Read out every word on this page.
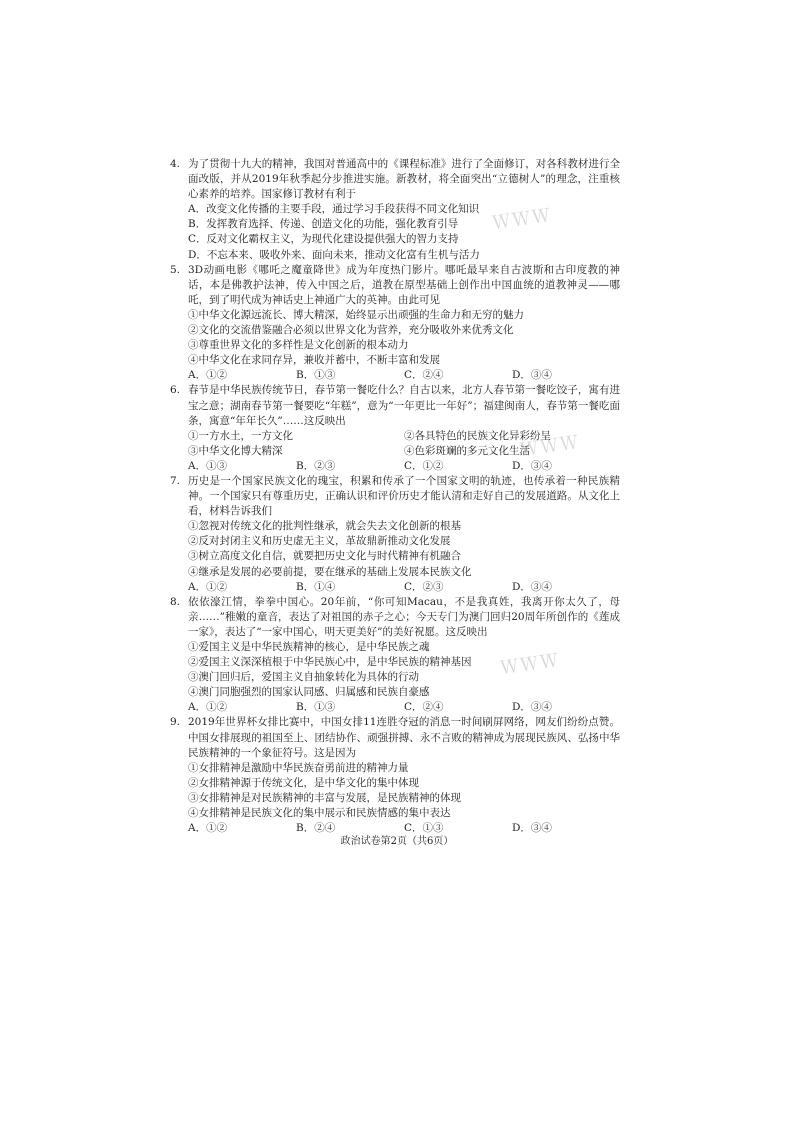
ＷＷＷ
ＷＷＷ
ＷＷＷ
4. 为了贯彻十九大的精神，我国对普通高中的《课程标准》进行了全面修订，对各科教材进行全面改版，并从2019年秋季起分步推进实施。新教材，将全面突出“立德树人”的理念，注重核心素养的培养。国家修订教材有利于

A．改变文化传播的主要手段，通过学习手段获得不同文化知识

B．发挥教育选择、传递、创造文化的功能，强化教育引导

C．反对文化霸权主义，为现代化建设提供强大的智力支持

D．不忘本来、吸收外来、面向未来，推动文化富有生机与活力

5. 3D动画电影《哪吒之魔童降世》成为年度热门影片。哪吒最早来自古波斯和古印度教的神话，本是佛教护法神，传入中国之后，道教在原型基础上创作出中国血统的道教神灵——哪吒，到了明代成为神话史上神通广大的英神。由此可见

①中华文化源远流长、博大精深，始终显示出顽强的生命力和无穷的魅力

②文化的交流借鉴融合必须以世界文化为营养，充分吸收外来优秀文化

③尊重世界文化的多样性是文化创新的根本动力

④中华文化在求同存异，兼收并蓄中，不断丰富和发展

A．①②	B．①③	C．②④	D．③④
6. 春节是中华民族传统节日，春节第一餐吃什么？自古以来，北方人春节第一餐吃饺子，寓有进宝之意；湖南春节第一餐要吃“年糕”，意为“一年更比一年好”；福建闽南人，春节第一餐吃面条，寓意“年年长久”……这反映出

①一方水土，一方文化	②各具特色的民族文化异彩纷呈
③中华文化博大精深	④色彩斑斓的多元文化生活
A．①③	B．②③	C．①②	D．③④
7. 历史是一个国家民族文化的瑰宝，积累和传承了一个国家文明的轨迹，也传承着一种民族精神。一个国家只有尊重历史，正确认识和评价历史才能认清和走好自己的发展道路。从文化上看，材料告诉我们

①忽视对传统文化的批判性继承，就会失去文化创新的根基

②反对封闭主义和历史虚无主义，革故鼎新推动文化发展

③树立高度文化自信，就要把历史文化与时代精神有机融合

④继承是发展的必要前提，要在继承的基础上发展本民族文化

A．①②	B．①④	C．②③	D．③④
8. 依依濠江情，拳拳中国心。20年前，“你可知Macau，不是我真姓，我离开你太久了，母亲……”稚嫩的童音，表达了对祖国的赤子之心；今天专门为澳门回归20周年所创作的《莲成一家》，表达了“一家中国心，明天更美好”的美好祝愿。这反映出

①爱国主义是中华民族精神的核心，是中华民族之魂

②爱国主义深深植根于中华民族心中，是中华民族的精神基因

③澳门回归后，爱国主义自抽象转化为具体的行动

④澳门同胞强烈的国家认同感、归属感和民族自豪感

A．①②	B．①③	C．②④	D．③④
9. 2019年世界杯女排比赛中，中国女排11连胜夺冠的消息一时间刷屏网络，网友们纷纷点赞。中国女排展现的祖国至上、团结协作、顽强拼搏、永不言败的精神成为展现民族风、弘扬中华民族精神的一个象征符号。这是因为

①女排精神是激励中华民族奋勇前进的精神力量

②女排精神源于传统文化，是中华文化的集中体现

③女排精神是对民族精神的丰富与发展，是民族精神的体现

④女排精神是民族文化的集中展示和民族情感的集中表达

A．①②	B．②④	C．①③	D．③④
政治试卷第2页（共6页）
